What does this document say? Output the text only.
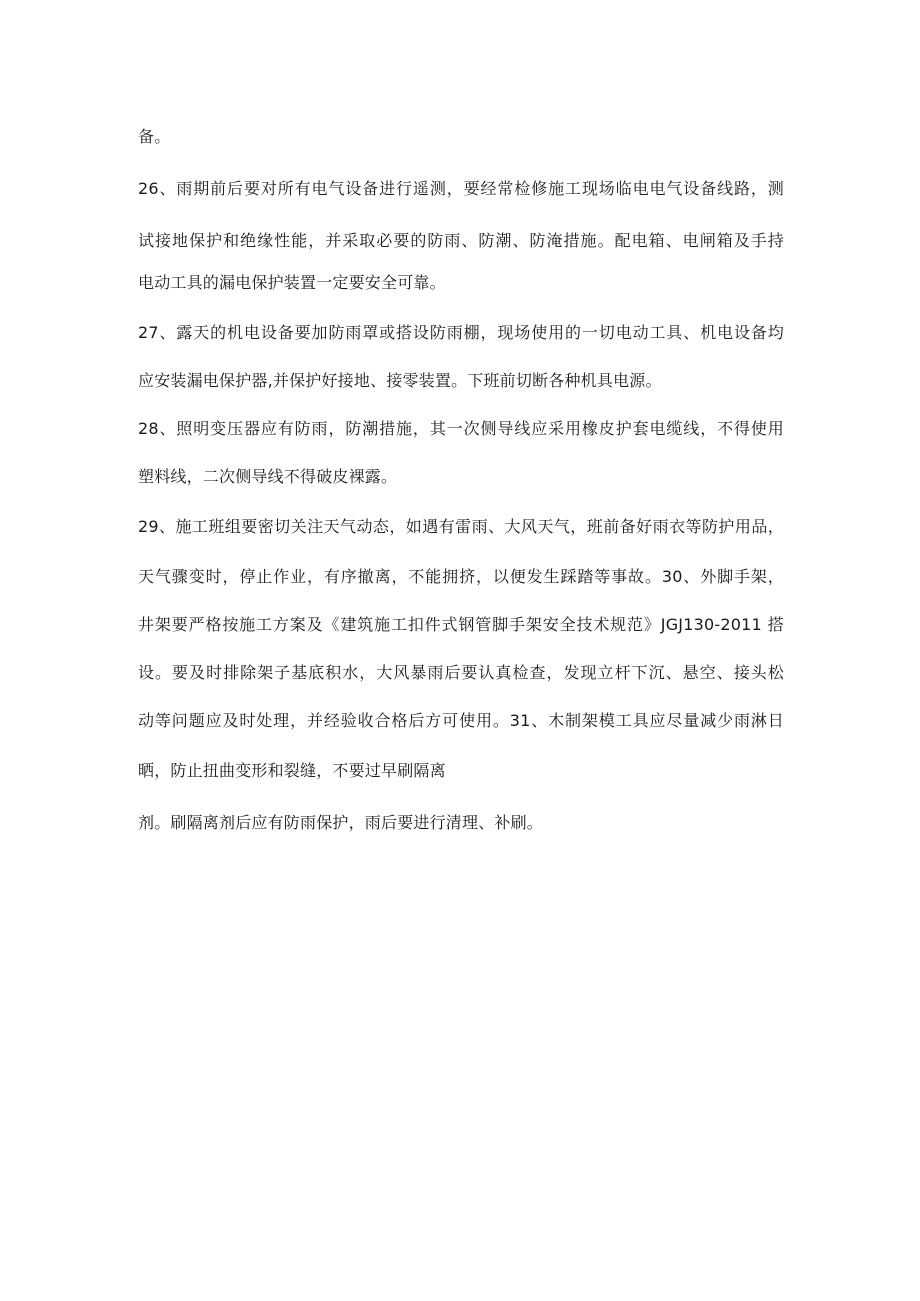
备。
26、雨期前后要对所有电气设备进行遥测，要经常检修施工现场临电电气设备线路，测
试接地保护和绝缘性能，并采取必要的防雨、防潮、防淹措施。配电箱、电闸箱及手持
电动工具的漏电保护装置一定要安全可靠。
27、露天的机电设备要加防雨罩或搭设防雨棚，现场使用的一切电动工具、机电设备均
应安装漏电保护器,并保护好接地、接零装置。下班前切断各种机具电源。
28、照明变压器应有防雨，防潮措施，其一次侧导线应采用橡皮护套电缆线，不得使用
塑料线，二次侧导线不得破皮裸露。
29、施工班组要密切关注天气动态，如遇有雷雨、大风天气，班前备好雨衣等防护用品，
天气骤变时，停止作业，有序撤离，不能拥挤，以便发生踩踏等事故。30、外脚手架，
井架要严格按施工方案及《建筑施工扣件式钢管脚手架安全技术规范》JGJ130-2011 搭
设。要及时排除架子基底积水，大风暴雨后要认真检查，发现立杆下沉、悬空、接头松
动等问题应及时处理，并经验收合格后方可使用。31、木制架模工具应尽量减少雨淋日
晒，防止扭曲变形和裂缝，不要过早刷隔离
剂。刷隔离剂后应有防雨保护，雨后要进行清理、补刷。
